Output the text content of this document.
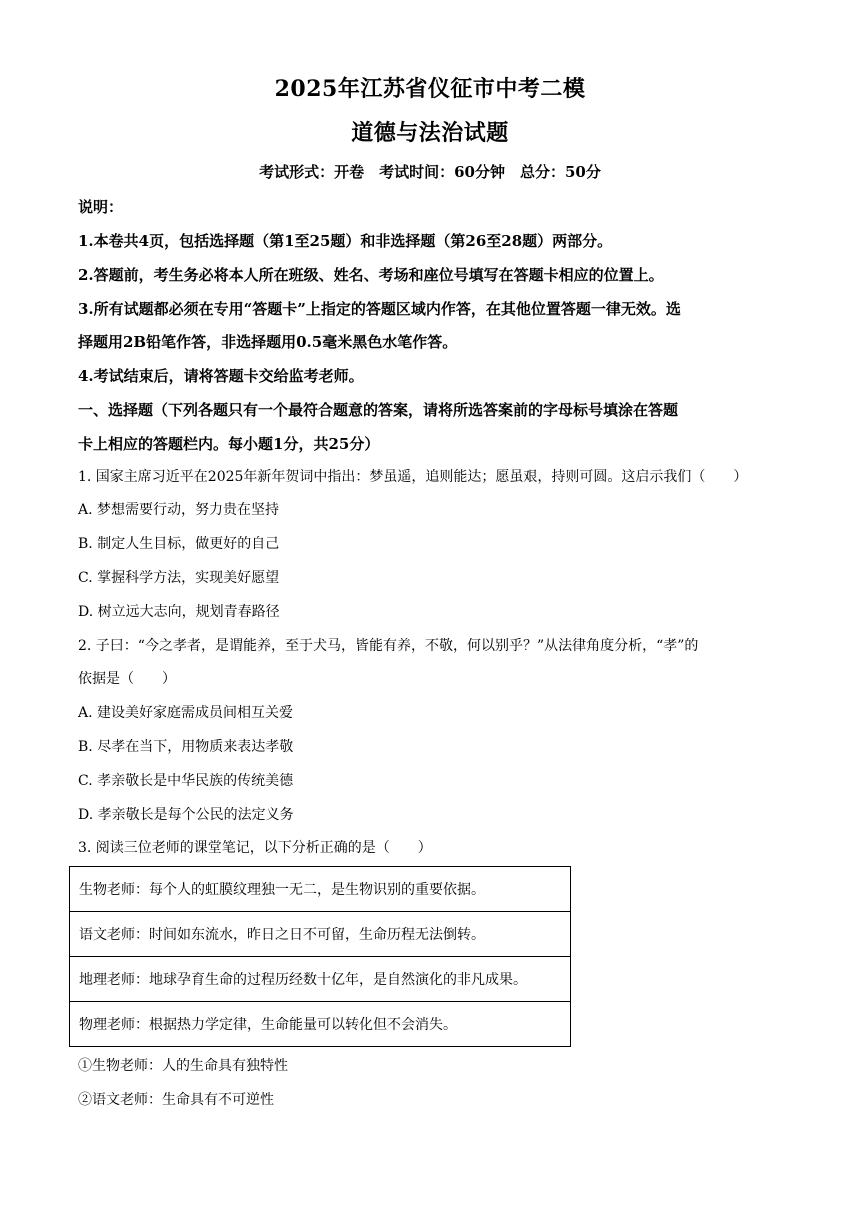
2025年江苏省仪征市中考二模
道德与法治试题
考试形式：开卷　考试时间：60分钟　总分：50分
说明：
1.本卷共4页，包括选择题（第1至25题）和非选择题（第26至28题）两部分。
2.答题前，考生务必将本人所在班级、姓名、考场和座位号填写在答题卡相应的位置上。
3.所有试题都必须在专用“答题卡”上指定的答题区域内作答，在其他位置答题一律无效。选
择题用2B铅笔作答，非选择题用0.5毫米黑色水笔作答。
4.考试结束后，请将答题卡交给监考老师。
一、选择题（下列各题只有一个最符合题意的答案，请将所选答案前的字母标号填涂在答题
卡上相应的答题栏内。每小题1分，共25分）
1. 国家主席习近平在2025年新年贺词中指出：梦虽遥，追则能达；愿虽艰，持则可圆。这启示我们（　　）
A. 梦想需要行动，努力贵在坚持
B. 制定人生目标，做更好的自己
C. 掌握科学方法，实现美好愿望
D. 树立远大志向，规划青春路径
2. 子曰：“今之孝者，是谓能养，至于犬马，皆能有养，不敬，何以别乎？”从法律角度分析，“孝”的
依据是（　　）
A. 建设美好家庭需成员间相互关爱
B. 尽孝在当下，用物质来表达孝敬
C. 孝亲敬长是中华民族的传统美德
D. 孝亲敬长是每个公民的法定义务
3. 阅读三位老师的课堂笔记，以下分析正确的是（　　）
生物老师：每个人的虹膜纹理独一无二，是生物识别的重要依据。
语文老师：时间如东流水，昨日之日不可留，生命历程无法倒转。
地理老师：地球孕育生命的过程历经数十亿年，是自然演化的非凡成果。
物理老师：根据热力学定律，生命能量可以转化但不会消失。
①生物老师：人的生命具有独特性
②语文老师：生命具有不可逆性
